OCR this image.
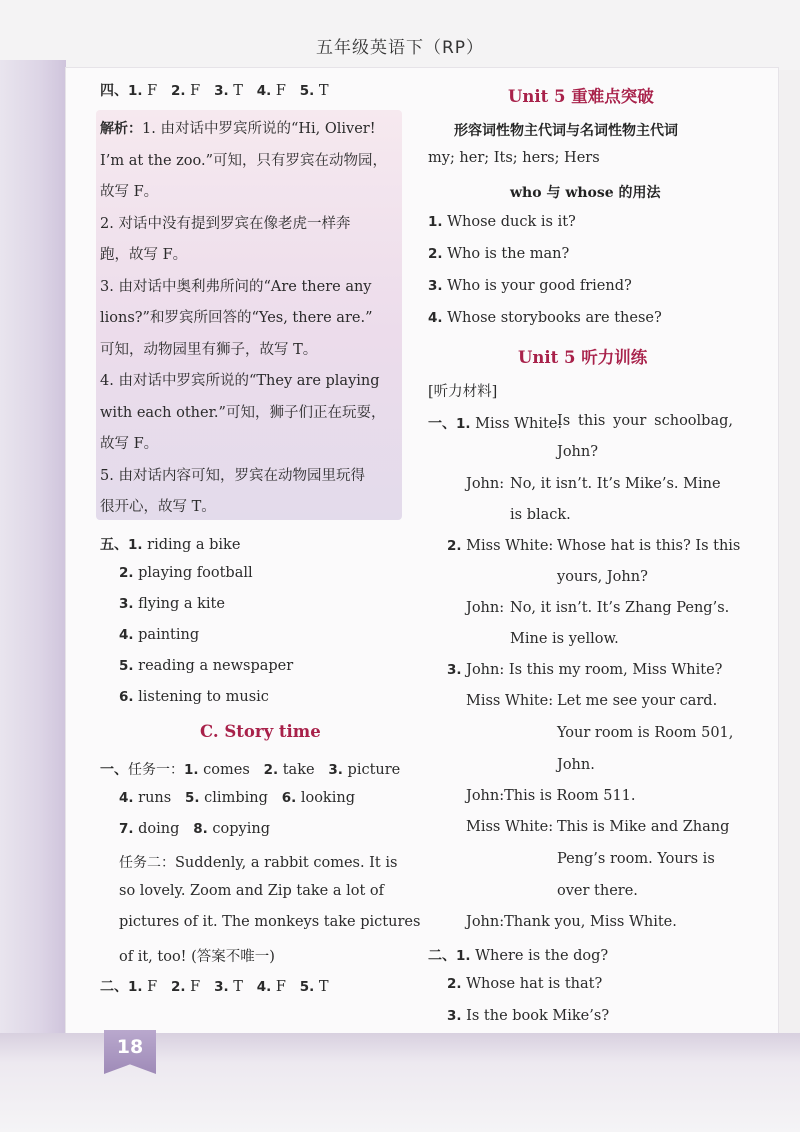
五年级英语下（RP）
四、1. F 2. F 3. T 4. F 5. T
解析：1. 由对话中罗宾所说的“Hi, Oliver!
I’m at the zoo.”可知，只有罗宾在动物园，
故写 F。
2. 对话中没有提到罗宾在像老虎一样奔
跑，故写 F。
3. 由对话中奥利弗所问的“Are there any
lions?”和罗宾所回答的“Yes, there are.”
可知，动物园里有狮子，故写 T。
4. 由对话中罗宾所说的“They are playing
with each other.”可知，狮子们正在玩耍，
故写 F。
5. 由对话内容可知，罗宾在动物园里玩得
很开心，故写 T。
五、1. riding a bike
2. playing football
3. flying a kite
4. painting
5. reading a newspaper
6. listening to music
C. Story time
一、任务一：1. comes 2. take 3. picture
4. runs 5. climbing 6. looking
7. doing 8. copying
任务二：Suddenly, a rabbit comes. It is
so lovely. Zoom and Zip take a lot of
pictures of it. The monkeys take pictures
of it, too! (答案不唯一)
二、1. F 2. F 3. T 4. F 5. T
Unit 5 重难点突破
形容词性物主代词与名词性物主代词
my; her; Its; hers; Hers
who 与 whose 的用法
1. Whose duck is it?
2. Who is the man?
3. Who is your good friend?
4. Whose storybooks are these?
Unit 5 听力训练
[听力材料]
一、1. Miss White:
Is this your schoolbag,
John?
John: No, it isn’t. It’s Mike’s. Mine
is black.
2. Miss White: Whose hat is this? Is this
yours, John?
John: No, it isn’t. It’s Zhang Peng’s.
Mine is yellow.
3. John: Is this my room, Miss White?
Miss White: Let me see your card.
Your room is Room 501,
John.
John:This is Room 511.
Miss White: This is Mike and Zhang
Peng’s room. Yours is
over there.
John:Thank you, Miss White.
二、1. Where is the dog?
2. Whose hat is that?
3. Is the book Mike’s?
18
